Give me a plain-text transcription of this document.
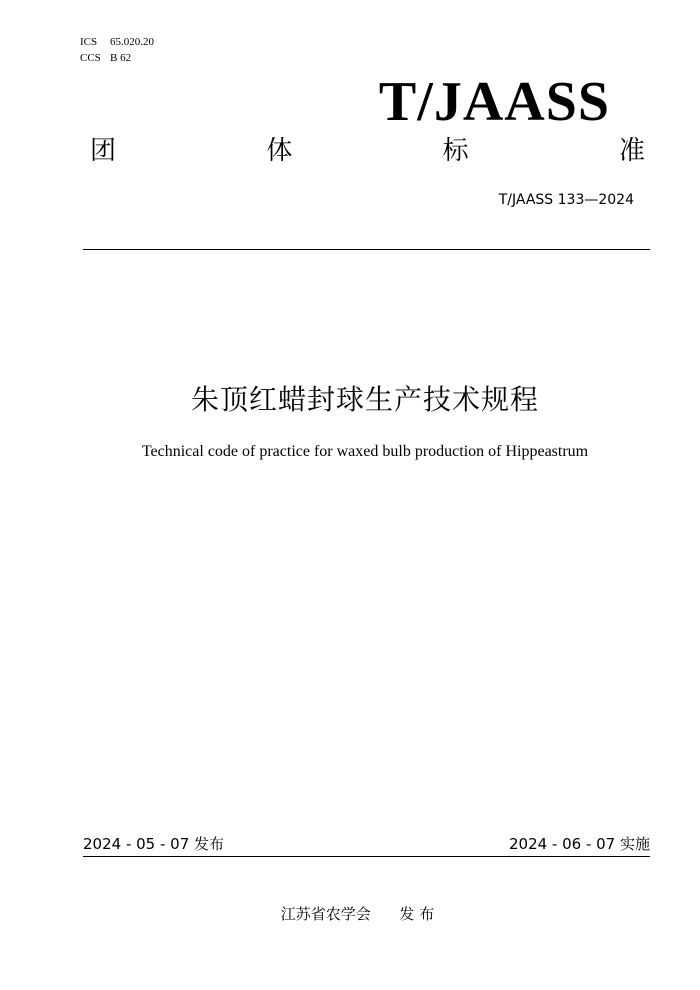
ICS 65.020.20
CCS B 62
T/JAASS
团	体	标	准
T/JAASS 133—2024
朱顶红蜡封球生产技术规程
Technical code of practice for waxed bulb production of Hippeastrum
2024 - 05 - 07 发布	2024 - 06 - 07 实施
江苏省农学会 发 布
